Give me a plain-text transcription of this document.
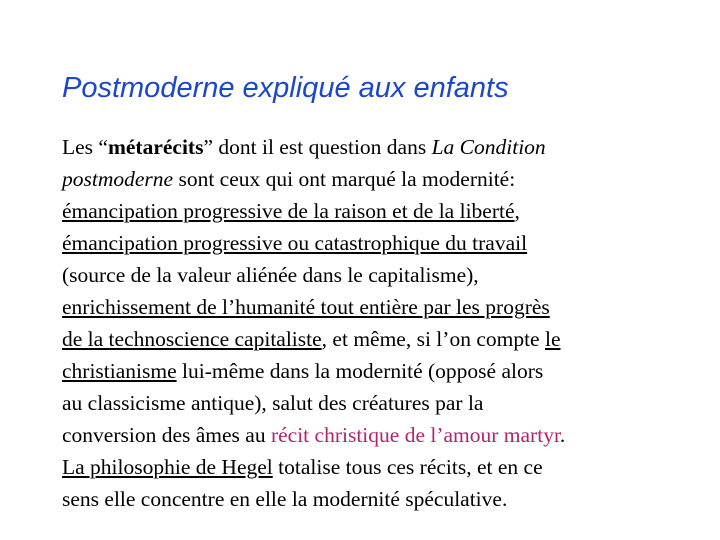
Postmoderne expliqué aux enfants
Les “métarécits” dont il est question dans La Condition
postmoderne sont ceux qui ont marqué la modernité:
émancipation progressive de la raison et de la liberté,
émancipation progressive ou catastrophique du travail
(source de la valeur aliénée dans le capitalisme),
enrichissement de l’humanité tout entière par les progrès
de la technoscience capitaliste, et même, si l’on compte le
christianisme lui-même dans la modernité (opposé alors
au classicisme antique), salut des créatures par la
conversion des âmes au récit christique de l’amour martyr.
La philosophie de Hegel totalise tous ces récits, et en ce
sens elle concentre en elle la modernité spéculative.
